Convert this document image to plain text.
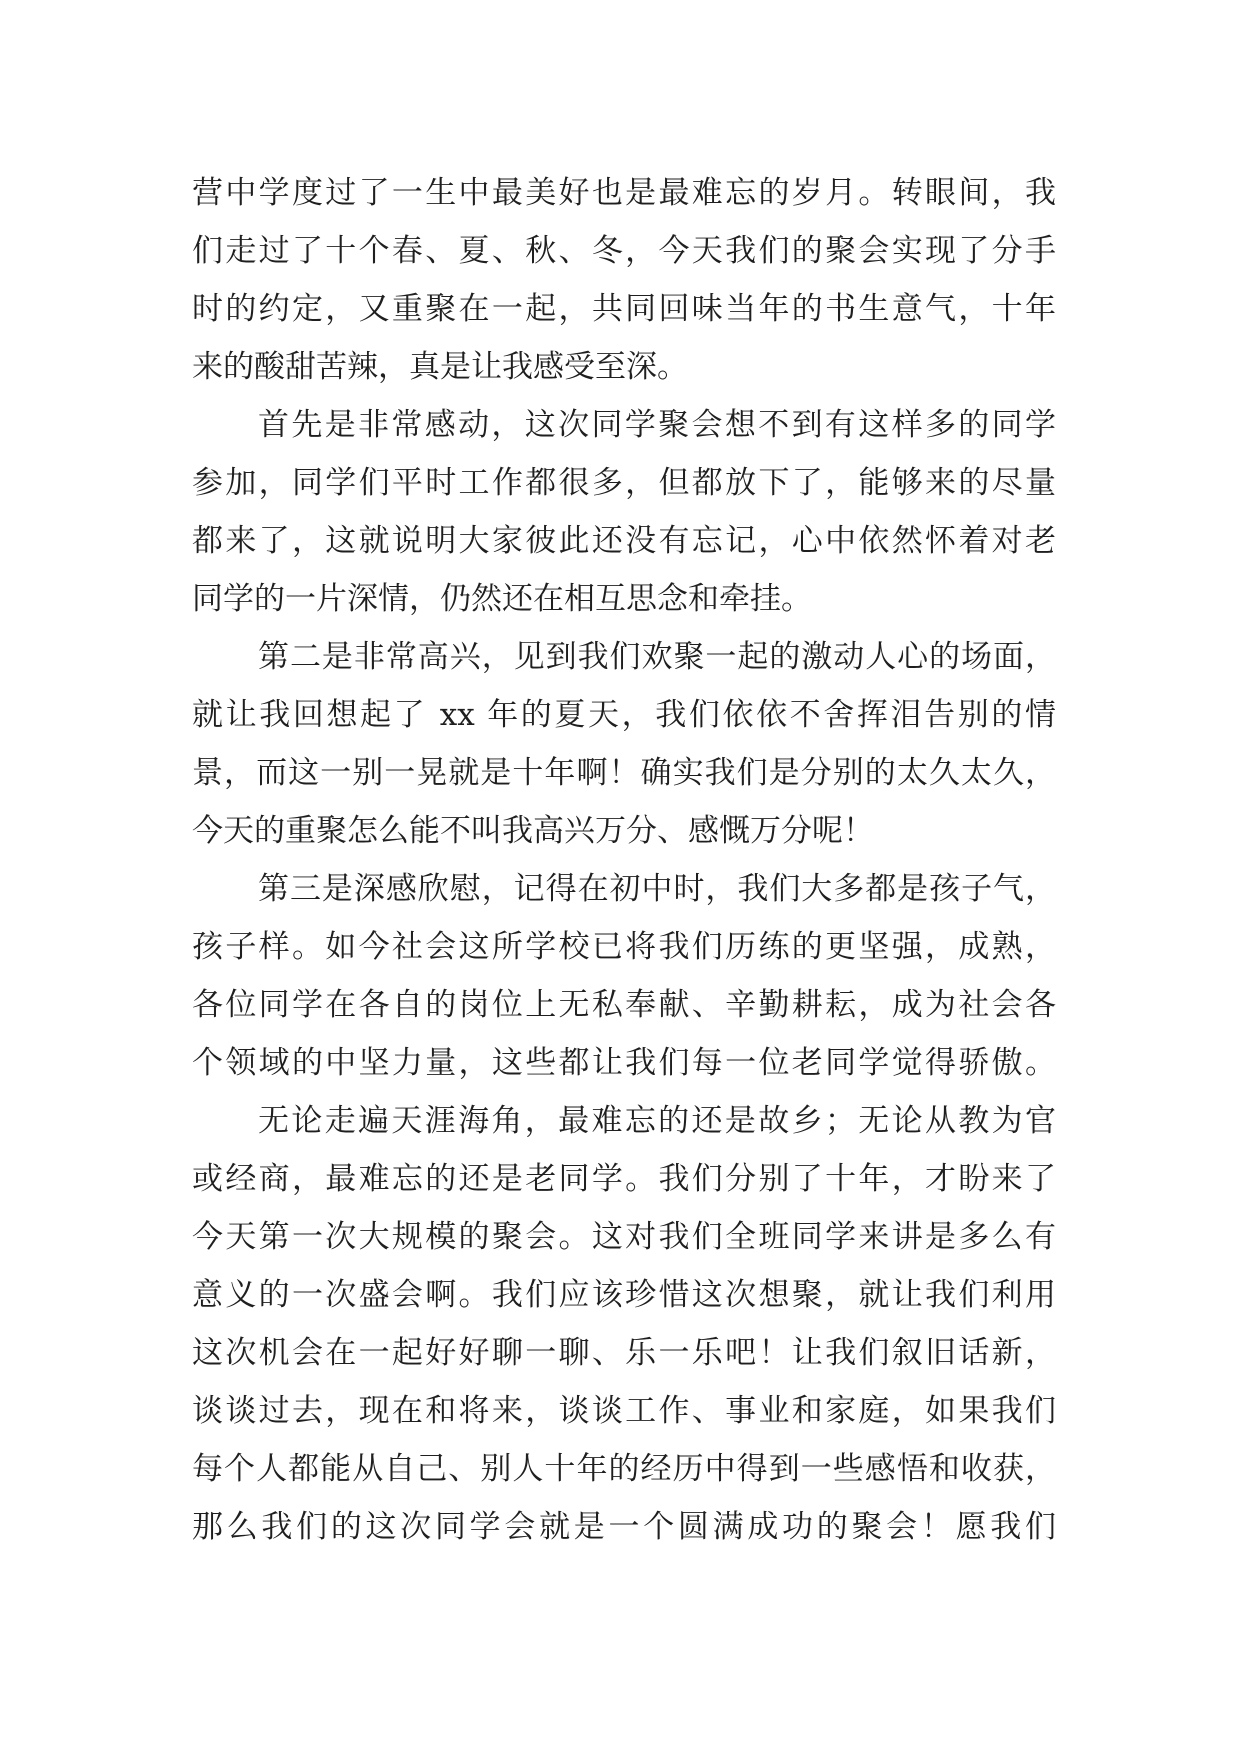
营中学度过了一生中最美好也是最难忘的岁月。转眼间，我
们走过了十个春、夏、秋、冬，今天我们的聚会实现了分手
时的约定，又重聚在一起，共同回味当年的书生意气，十年
来的酸甜苦辣，真是让我感受至深。
首先是非常感动，这次同学聚会想不到有这样多的同学
参加，同学们平时工作都很多，但都放下了，能够来的尽量
都来了，这就说明大家彼此还没有忘记，心中依然怀着对老
同学的一片深情，仍然还在相互思念和牵挂。
第二是非常高兴，见到我们欢聚一起的激动人心的场面，
就让我回想起了 xx 年的夏天，我们依依不舍挥泪告别的情
景，而这一别一晃就是十年啊！确实我们是分别的太久太久，
今天的重聚怎么能不叫我高兴万分、感慨万分呢！
第三是深感欣慰，记得在初中时，我们大多都是孩子气，
孩子样。如今社会这所学校已将我们历练的更坚强，成熟，
各位同学在各自的岗位上无私奉献、辛勤耕耘，成为社会各
个领域的中坚力量，这些都让我们每一位老同学觉得骄傲。
无论走遍天涯海角，最难忘的还是故乡；无论从教为官
或经商，最难忘的还是老同学。我们分别了十年，才盼来了
今天第一次大规模的聚会。这对我们全班同学来讲是多么有
意义的一次盛会啊。我们应该珍惜这次想聚，就让我们利用
这次机会在一起好好聊一聊、乐一乐吧！让我们叙旧话新，
谈谈过去，现在和将来，谈谈工作、事业和家庭，如果我们
每个人都能从自己、别人十年的经历中得到一些感悟和收获，
那么我们的这次同学会就是一个圆满成功的聚会！愿我们
